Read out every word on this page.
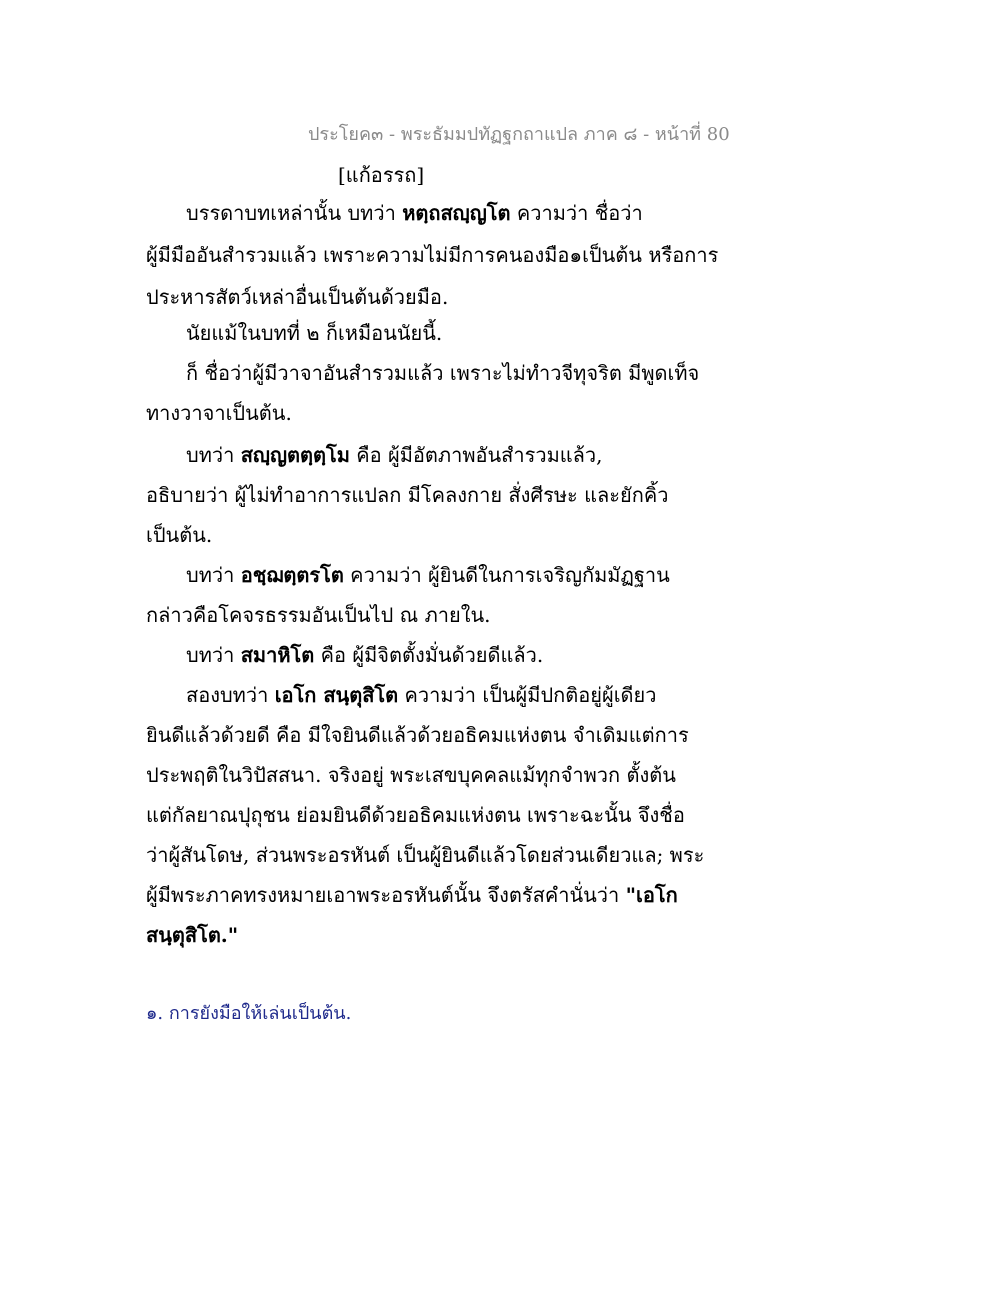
ประโยค๓ - พระธัมมปทัฏฐกถาแปล ภาค ๘ - หน้าที่ 80
[แก้อรรถ]
บรรดาบทเหล่านั้น บทว่า หตฺถสญฺญโต ความว่า ชื่อว่า
ผู้มีมืออันสำรวมแล้ว เพราะความไม่มีการคนองมือ๑เป็นต้น หรือการ
ประหารสัตว์เหล่าอื่นเป็นต้นด้วยมือ.
นัยแม้ในบทที่ ๒ ก็เหมือนนัยนี้.
ก็ ชื่อว่าผู้มีวาจาอันสำรวมแล้ว เพราะไม่ทำวจีทุจริต มีพูดเท็จ
ทางวาจาเป็นต้น.
บทว่า สญฺญตตฺตฺโม คือ ผู้มีอัตภาพอันสำรวมแล้ว,
อธิบายว่า ผู้ไม่ทำอาการแปลก มีโคลงกาย สั่งศีรษะ และยักคิ้ว
เป็นต้น.
บทว่า อชฺฌตฺตรโต ความว่า ผู้ยินดีในการเจริญกัมมัฏฐาน
กล่าวคือโคจรธรรมอันเป็นไป ณ ภายใน.
บทว่า สมาหิโต คือ ผู้มีจิตตั้งมั่นด้วยดีแล้ว.
สองบทว่า เอโก สนฺตุสิโต ความว่า เป็นผู้มีปกติอยู่ผู้เดียว
ยินดีแล้วด้วยดี คือ มีใจยินดีแล้วด้วยอธิคมแห่งตน จำเดิมแต่การ
ประพฤติในวิปัสสนา. จริงอยู่ พระเสขบุคคลแม้ทุกจำพวก ตั้งต้น
แต่กัลยาณปุถุชน ย่อมยินดีด้วยอธิคมแห่งตน เพราะฉะนั้น จึงชื่อ
ว่าผู้สันโดษ, ส่วนพระอรหันต์ เป็นผู้ยินดีแล้วโดยส่วนเดียวแล; พระ
ผู้มีพระภาคทรงหมายเอาพระอรหันต์นั้น จึงตรัสคำนั่นว่า "เอโก
สนฺตุสิโต."
๑. การยังมือให้เล่นเป็นต้น.
